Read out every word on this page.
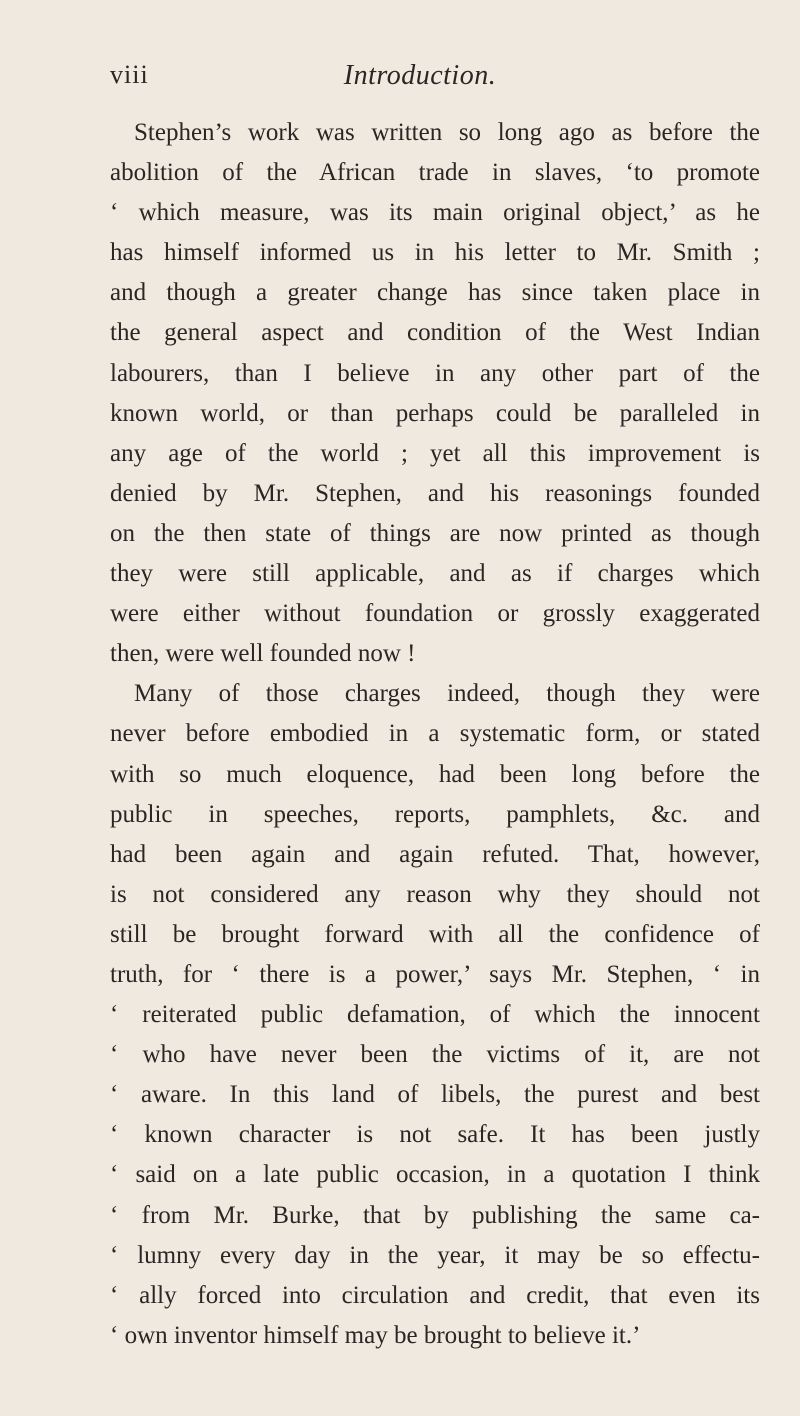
viii	Introduction.
Stephen’s work was written so long ago as before the
abolition of the African trade in slaves, ‘to promote
‘ which measure, was its main original object,’ as he
has himself informed us in his letter to Mr. Smith ;
and though a greater change has since taken place in
the general aspect and condition of the West Indian
labourers, than I believe in any other part of the
known world, or than perhaps could be paralleled in
any age of the world ; yet all this improvement is
denied by Mr. Stephen, and his reasonings founded
on the then state of things are now printed as though
they were still applicable, and as if charges which
were either without foundation or grossly exaggerated
then, were well founded now !
Many of those charges indeed, though they were
never before embodied in a systematic form, or stated
with so much eloquence, had been long before the
public in speeches, reports, pamphlets, &c. and
had been again and again refuted. That, however,
is not considered any reason why they should not
still be brought forward with all the confidence of
truth, for ‘ there is a power,’ says Mr. Stephen, ‘ in
‘ reiterated public defamation, of which the innocent
‘ who have never been the victims of it, are not
‘ aware. In this land of libels, the purest and best
‘ known character is not safe. It has been justly
‘ said on a late public occasion, in a quotation I think
‘ from Mr. Burke, that by publishing the same ca-
‘ lumny every day in the year, it may be so effectu-
‘ ally forced into circulation and credit, that even its
‘ own inventor himself may be brought to believe it.’
